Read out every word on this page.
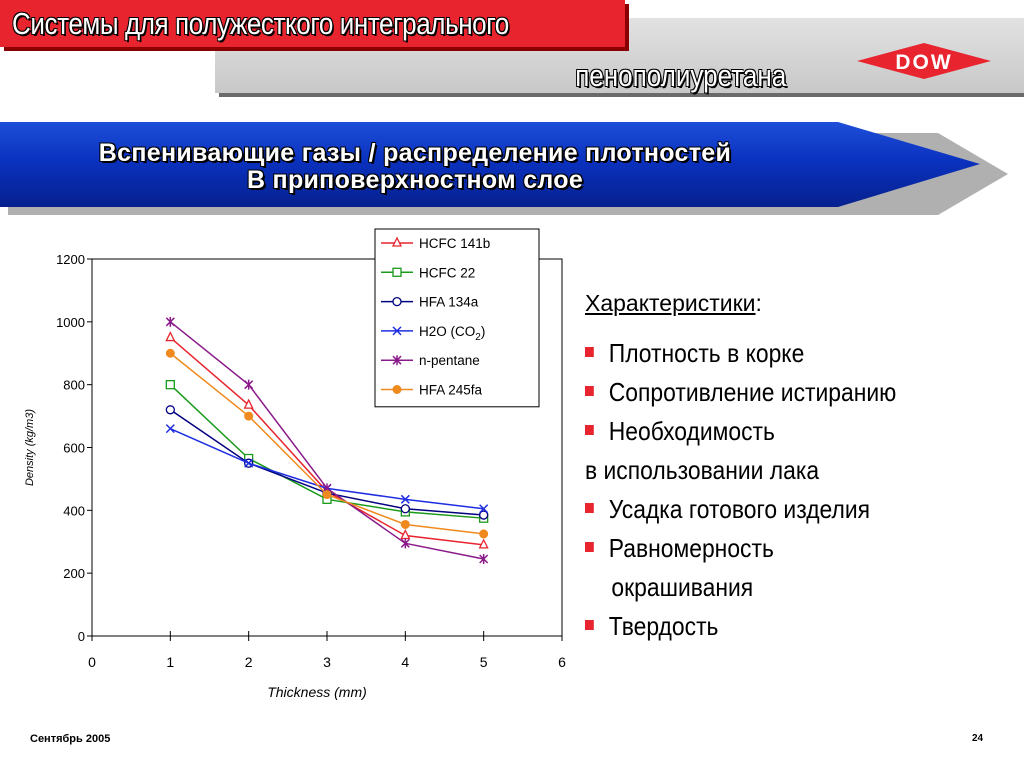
Системы для полужесткого интегрального
пенополиуретана	DOW
Вспенивающие газы / распределение плотностей
В приповерхностном слое
0
200
400
600
800
1000
1200
0	1	2	3	4	5	6
Thickness (mm)
Density (kg/m3)
HCFC 141b
HCFC 22
HFA 134a
H2O $(CO_2)$
n-pentane
HFA 245fa
Характеристики:
Плотность в корке
Сопротивление истиранию
Необходимость
в использовании лака
Усадка готового изделия
Равномерность
окрашивания
Твердость
Сентябрь 2005	24
